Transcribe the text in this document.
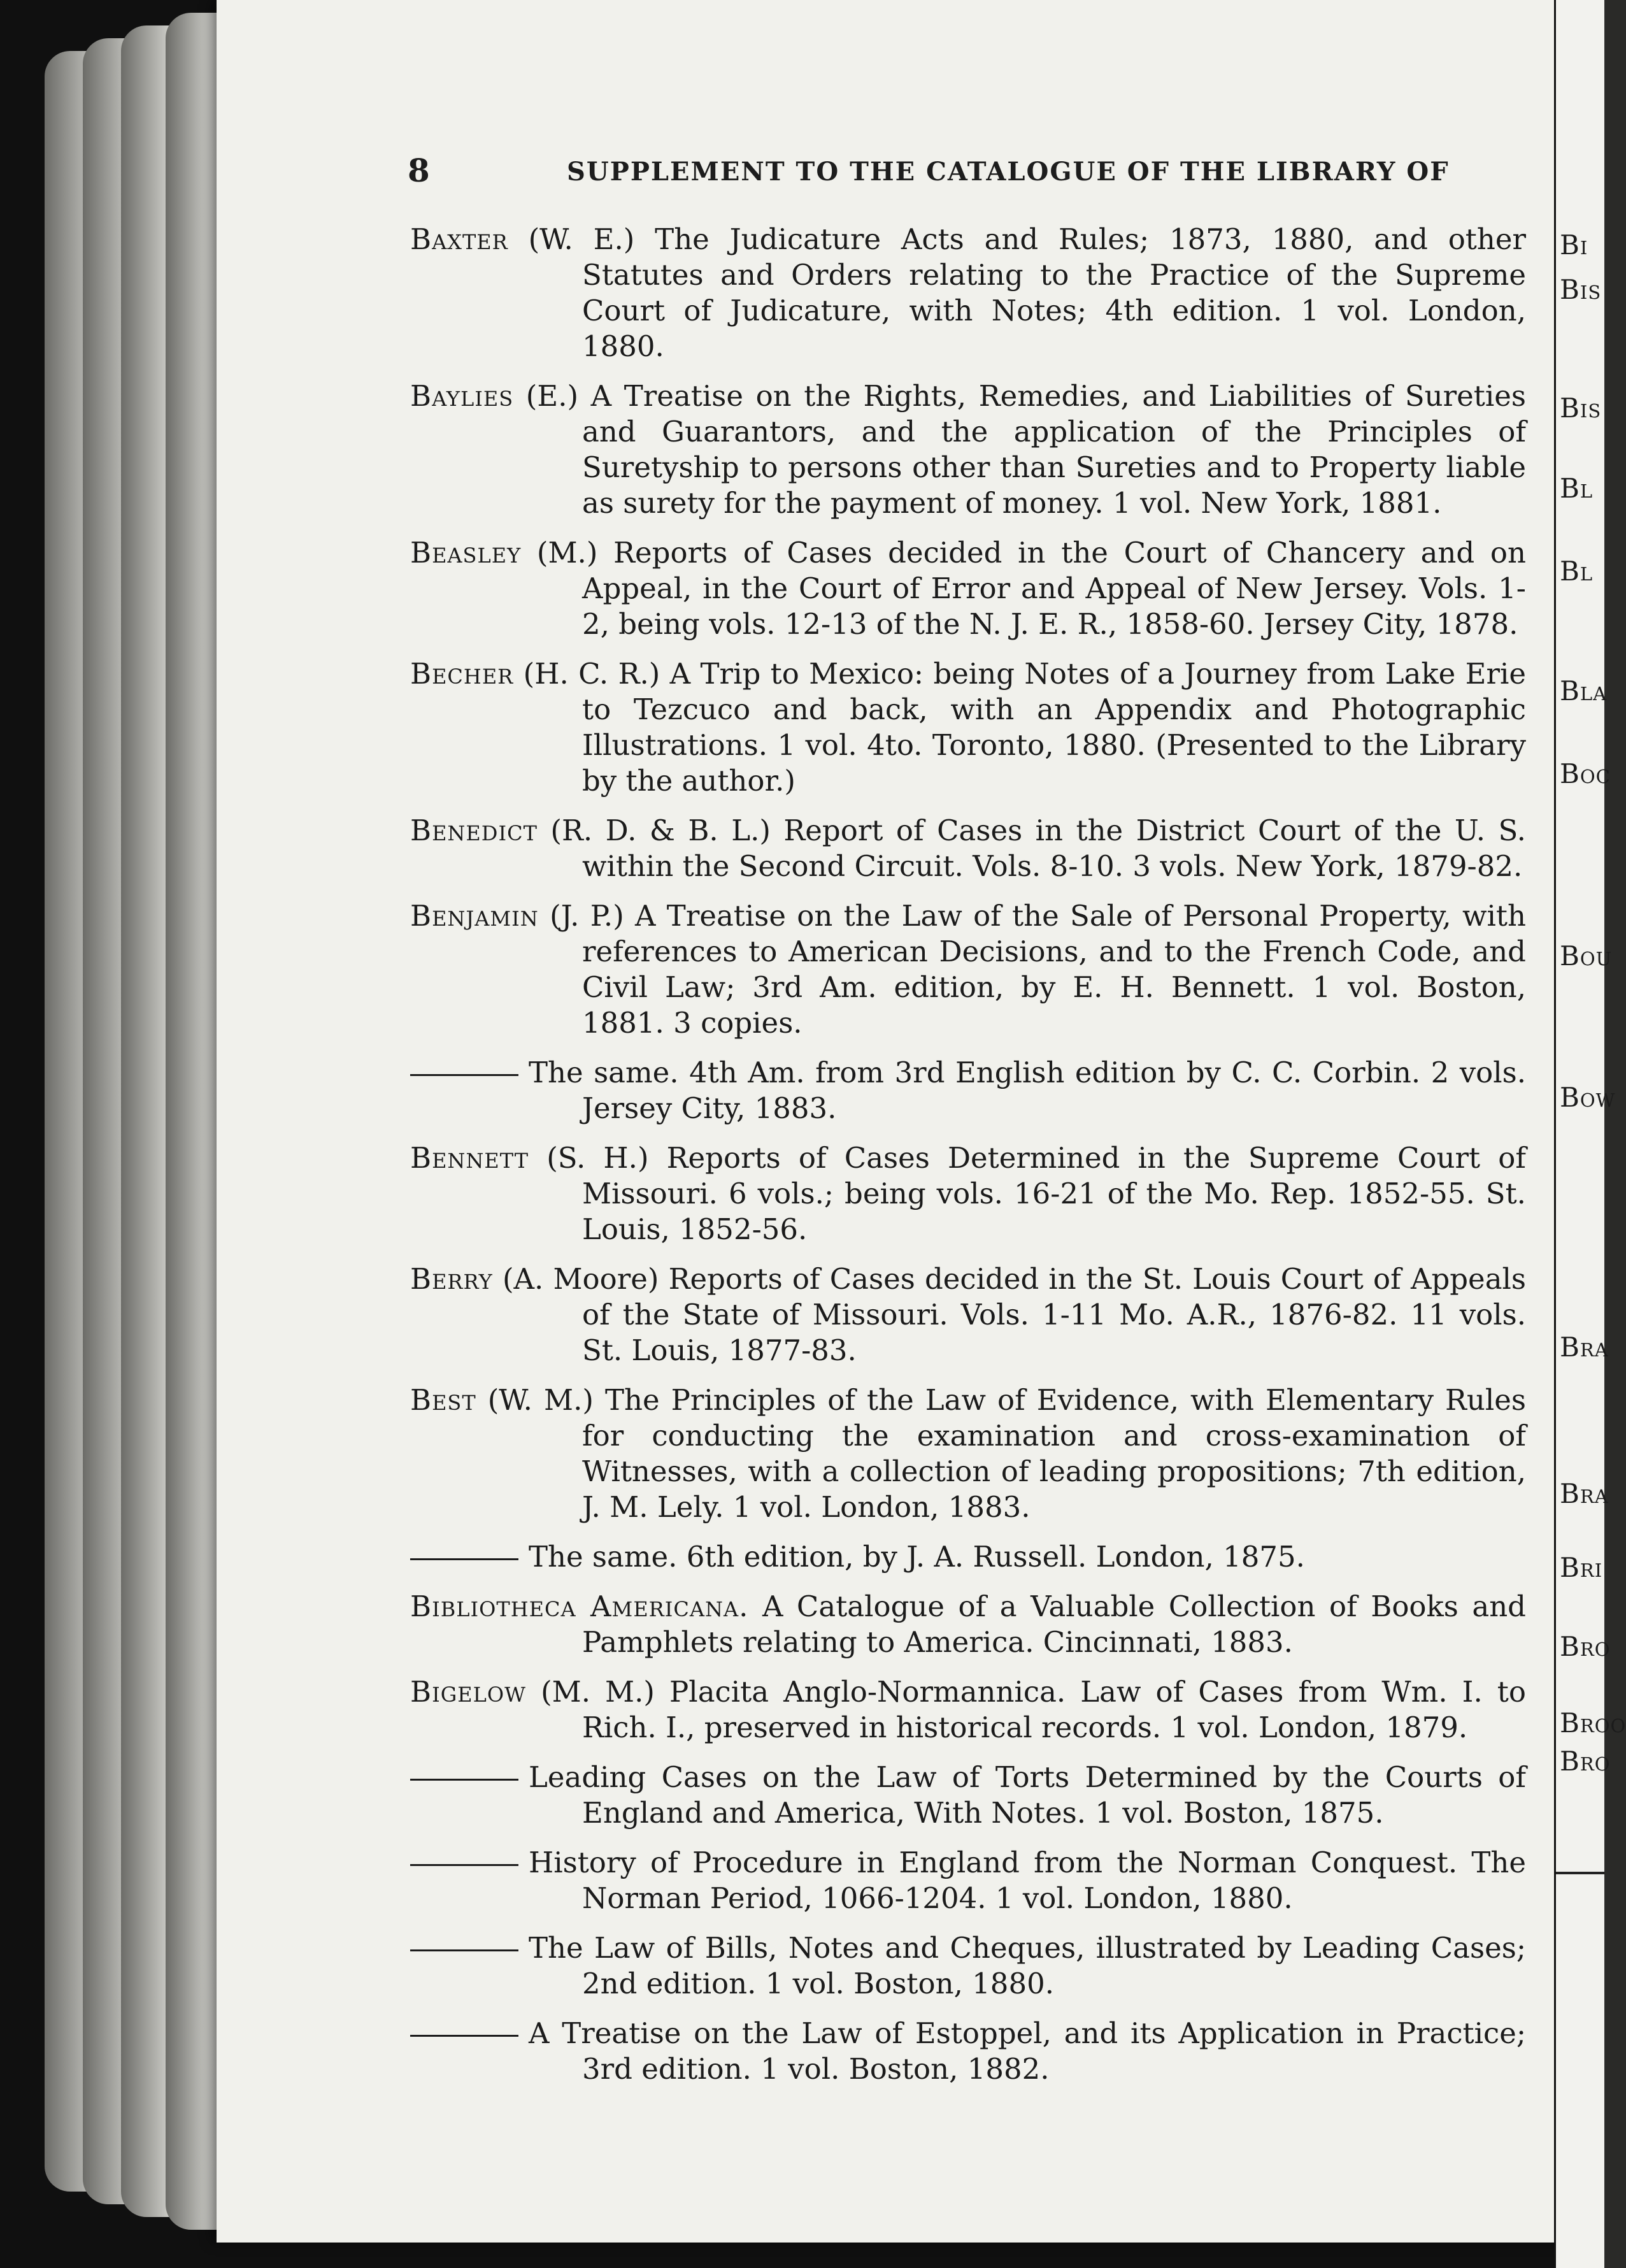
8	SUPPLEMENT TO THE CATALOGUE OF THE LIBRARY OF
Baxter (W. E.) The Judicature Acts and Rules; 1873, 1880, and other Statutes and Orders relating to the Practice of the Supreme Court of Judicature, with Notes; 4th edition. 1 vol. London, 1880.
Baylies (E.) A Treatise on the Rights, Remedies, and Liabilities of Sureties and Guarantors, and the application of the Principles of Suretyship to persons other than Sureties and to Property liable as surety for the payment of money. 1 vol. New York, 1881.
Beasley (M.) Reports of Cases decided in the Court of Chancery and on Appeal, in the Court of Error and Appeal of New Jersey. Vols. 1-2, being vols. 12-13 of the N. J. E. R., 1858-60. Jersey City, 1878.
Becher (H. C. R.) A Trip to Mexico: being Notes of a Journey from Lake Erie to Tezcuco and back, with an Appendix and Photographic Illustrations. 1 vol. 4to. Toronto, 1880. (Presented to the Library by the author.)
Benedict (R. D. & B. L.) Report of Cases in the District Court of the U. S. within the Second Circuit. Vols. 8-10. 3 vols. New York, 1879-82.
Benjamin (J. P.) A Treatise on the Law of the Sale of Personal Property, with references to American Decisions, and to the French Code, and Civil Law; 3rd Am. edition, by E. H. Bennett. 1 vol. Boston, 1881. 3 copies.
The same. 4th Am. from 3rd English edition by C. C. Corbin. 2 vols. Jersey City, 1883.
Bennett (S. H.) Reports of Cases Determined in the Supreme Court of Missouri. 6 vols.; being vols. 16-21 of the Mo. Rep. 1852-55. St. Louis, 1852-56.
Berry (A. Moore) Reports of Cases decided in the St. Louis Court of Appeals of the State of Missouri. Vols. 1-11 Mo. A.R., 1876-82. 11 vols. St. Louis, 1877-83.
Best (W. M.) The Principles of the Law of Evidence, with Elementary Rules for conducting the examination and cross-examination of Witnesses, with a collection of leading propositions; 7th edition, J. M. Lely. 1 vol. London, 1883.
The same. 6th edition, by J. A. Russell. London, 1875.
Bibliotheca Americana. A Catalogue of a Valuable Collection of Books and Pamphlets relating to America. Cincinnati, 1883.
Bigelow (M. M.) Placita Anglo-Normannica. Law of Cases from Wm. I. to Rich. I., preserved in historical records. 1 vol. London, 1879.
Leading Cases on the Law of Torts Determined by the Courts of England and America, With Notes. 1 vol. Boston, 1875.
History of Procedure in England from the Norman Conquest. The Norman Period, 1066-1204. 1 vol. London, 1880.
The Law of Bills, Notes and Cheques, illustrated by Leading Cases; 2nd edition. 1 vol. Boston, 1880.
A Treatise on the Law of Estoppel, and its Application in Practice; 3rd edition. 1 vol. Boston, 1882.
Bi
Bis
Bis
Bl
Bl
Bla
Boc
Bou
Bow
Bra
Bra
Bri
Bro
Broo
Bro
